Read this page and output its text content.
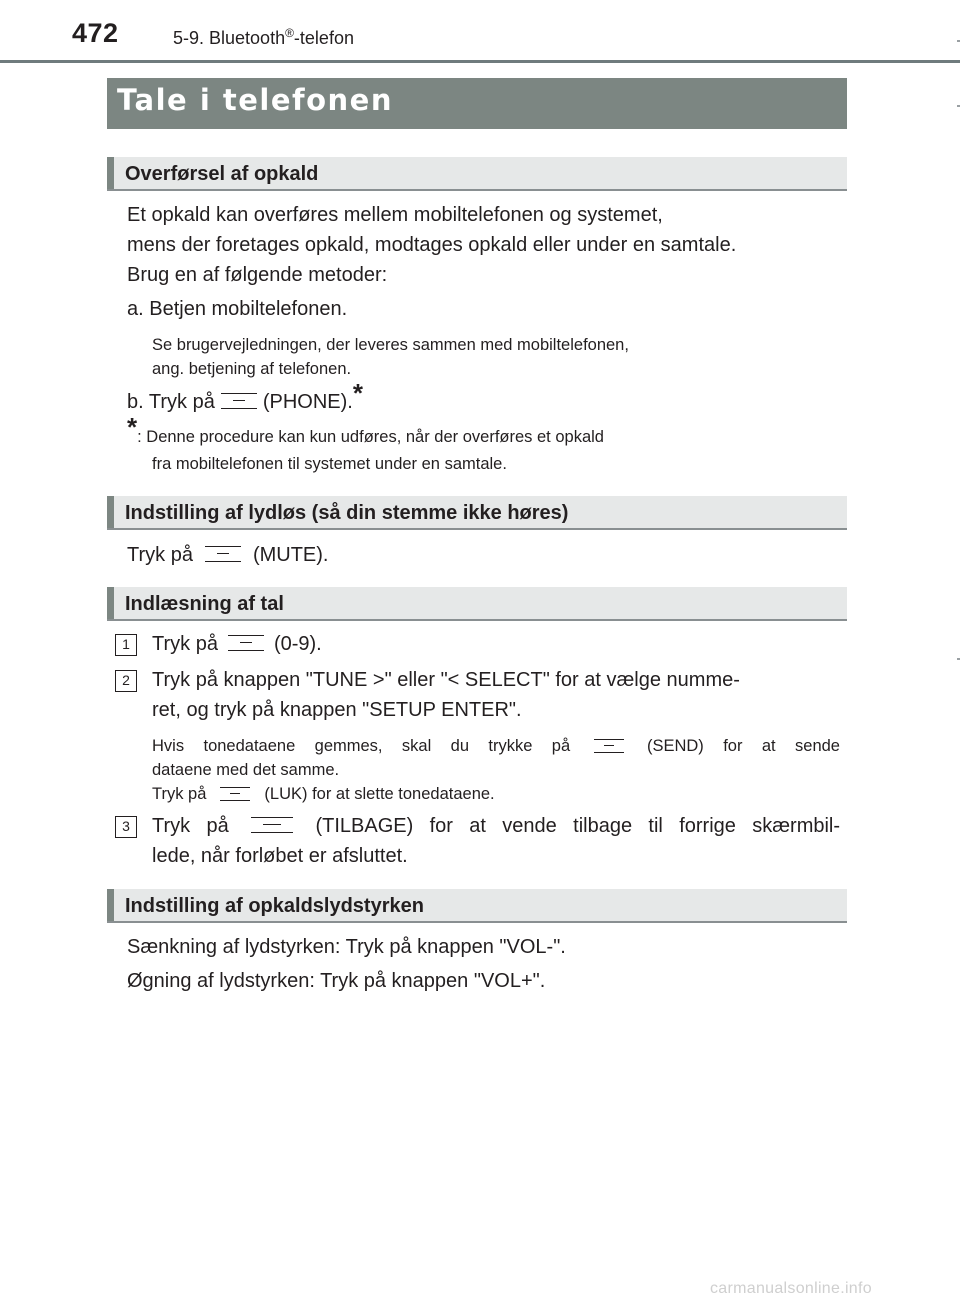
472	5-9. Bluetooth®-telefon
Tale i telefonen
Overførsel af opkald
Et opkald kan overføres mellem mobiltelefonen og systemet,
mens der foretages opkald, modtages opkald eller under en samtale.
Brug en af følgende metoder:
a. Betjen mobiltelefonen.
Se brugervejledningen, der leveres sammen med mobiltelefonen,
ang. betjening af telefonen.
b. Tryk på (PHONE).*
*: Denne procedure kan kun udføres, når der overføres et opkald
fra mobiltelefonen til systemet under en samtale.
Indstilling af lydløs (så din stemme ikke høres)
Tryk på	(MUTE).
Indlæsning af tal
1	Tryk på	(0-9).
2	Tryk på knappen "TUNE >" eller "< SELECT" for at vælge numme-
ret, og tryk på knappen "SETUP ENTER".
Hvis tonedataene gemmes, skal du trykke på	(SEND) for at sende
dataene med det samme.
Tryk på	(LUK) for at slette tonedataene.
3	Tryk på	(TILBAGE) for at vende tilbage til forrige skærmbil-
lede, når forløbet er afsluttet.
Indstilling af opkaldslydstyrken
Sænkning af lydstyrken: Tryk på knappen "VOL-".
Øgning af lydstyrken: Tryk på knappen "VOL+".
carmanualsonline.info
